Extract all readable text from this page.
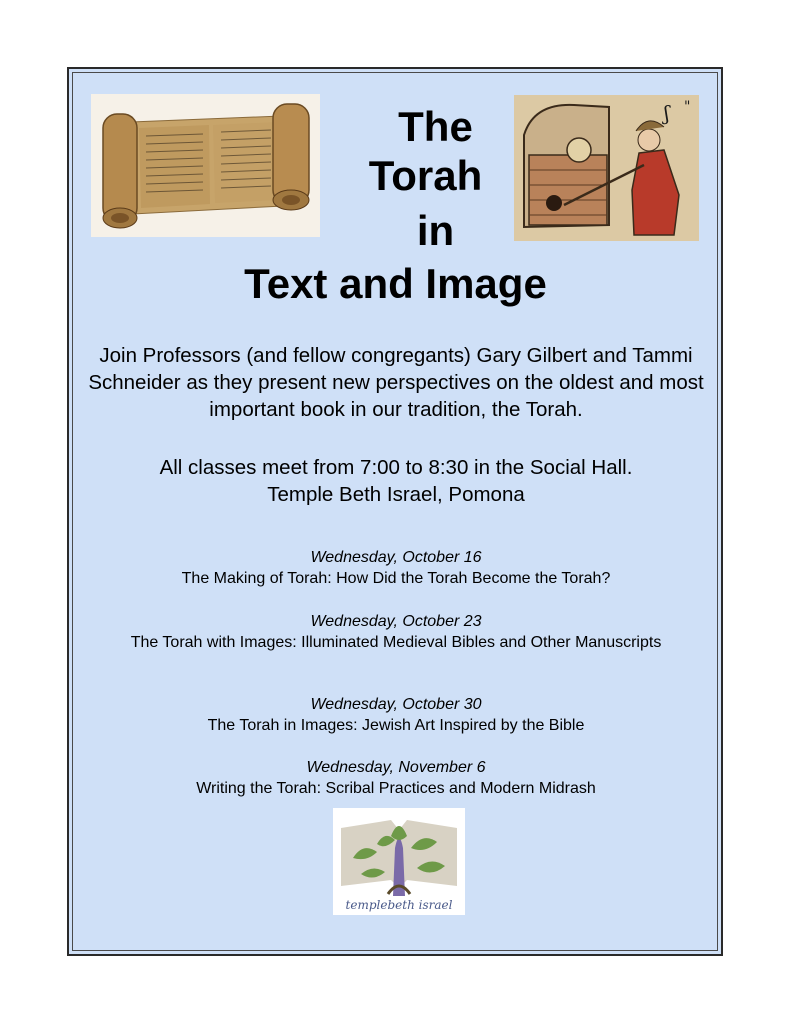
ʃ "
The
Torah
in
Text and Image

Join Professors (and fellow congregants) Gary Gilbert and Tammi Schneider as they present new perspectives on the oldest and most important book in our tradition, the Torah.

All classes meet from 7:00 to 8:30 in the Social Hall.

Temple Beth Israel, Pomona

Wednesday, October 16
The Making of Torah: How Did the Torah Become the Torah?
Wednesday, October 23
The Torah with Images: Illuminated Medieval Bibles and Other Manuscripts
Wednesday, October 30
The Torah in Images: Jewish Art Inspired by the Bible
Wednesday, November 6
Writing the Torah: Scribal Practices and Modern Midrash
templebeth israel
